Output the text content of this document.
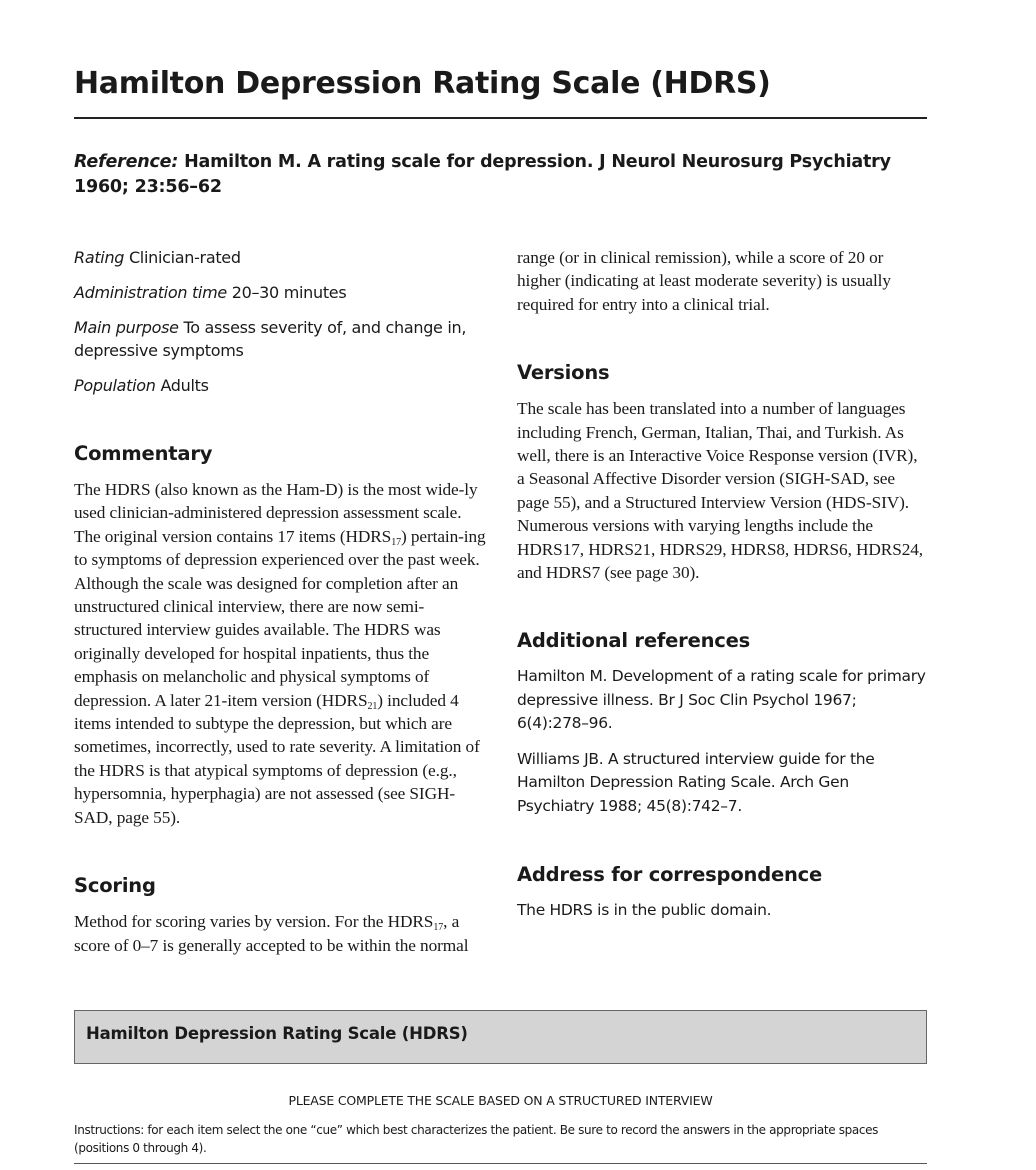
Hamilton Depression Rating Scale (HDRS)
Reference: Hamilton M. A rating scale for depression. J Neurol Neurosurg Psychiatry 1960; 23:56–62
Rating Clinician-rated
Administration time 20–30 minutes
Main purpose To assess severity of, and change in, depressive symptoms
Population Adults
Commentary

The HDRS (also known as the Ham-D) is the most wide-ly used clinician-administered depression assessment scale. The original version contains 17 items $(HDRS_{17})$ pertain-ing to symptoms of depression experienced over the past week. Although the scale was designed for completion after an unstructured clinical interview, there are now semi-structured interview guides available. The HDRS was originally developed for hospital inpatients, thus the emphasis on melancholic and physical symptoms of depression. A later 21-item version $(HDRS_{21})$ included 4 items intended to subtype the depression, but which are sometimes, incorrectly, used to rate severity. A limitation of the HDRS is that atypical symptoms of depression (e.g., hypersomnia, hyperphagia) are not assessed (see SIGH-SAD, page 55).

Scoring

Method for scoring varies by version. For the $HDRS_{17}$, a score of 0–7 is generally accepted to be within the normal

range (or in clinical remission), while a score of 20 or higher (indicating at least moderate severity) is usually required for entry into a clinical trial.

Versions

The scale has been translated into a number of languages including French, German, Italian, Thai, and Turkish. As well, there is an Interactive Voice Response version (IVR), a Seasonal Affective Disorder version (SIGH-SAD, see page 55), and a Structured Interview Version (HDS-SIV). Numerous versions with varying lengths include the HDRS17, HDRS21, HDRS29, HDRS8, HDRS6, HDRS24, and HDRS7 (see page 30).

Additional references

Hamilton M. Development of a rating scale for primary depressive illness. Br J Soc Clin Psychol 1967; 6(4):278–96.

Williams JB. A structured interview guide for the Hamilton Depression Rating Scale. Arch Gen Psychiatry 1988; 45(8):742–7.

Address for correspondence

The HDRS is in the public domain.

Hamilton Depression Rating Scale (HDRS)
PLEASE COMPLETE THE SCALE BASED ON A STRUCTURED INTERVIEW
Instructions: for each item select the one “cue” which best characterizes the patient. Be sure to record the answers in the appropriate spaces (positions 0 through 4).
